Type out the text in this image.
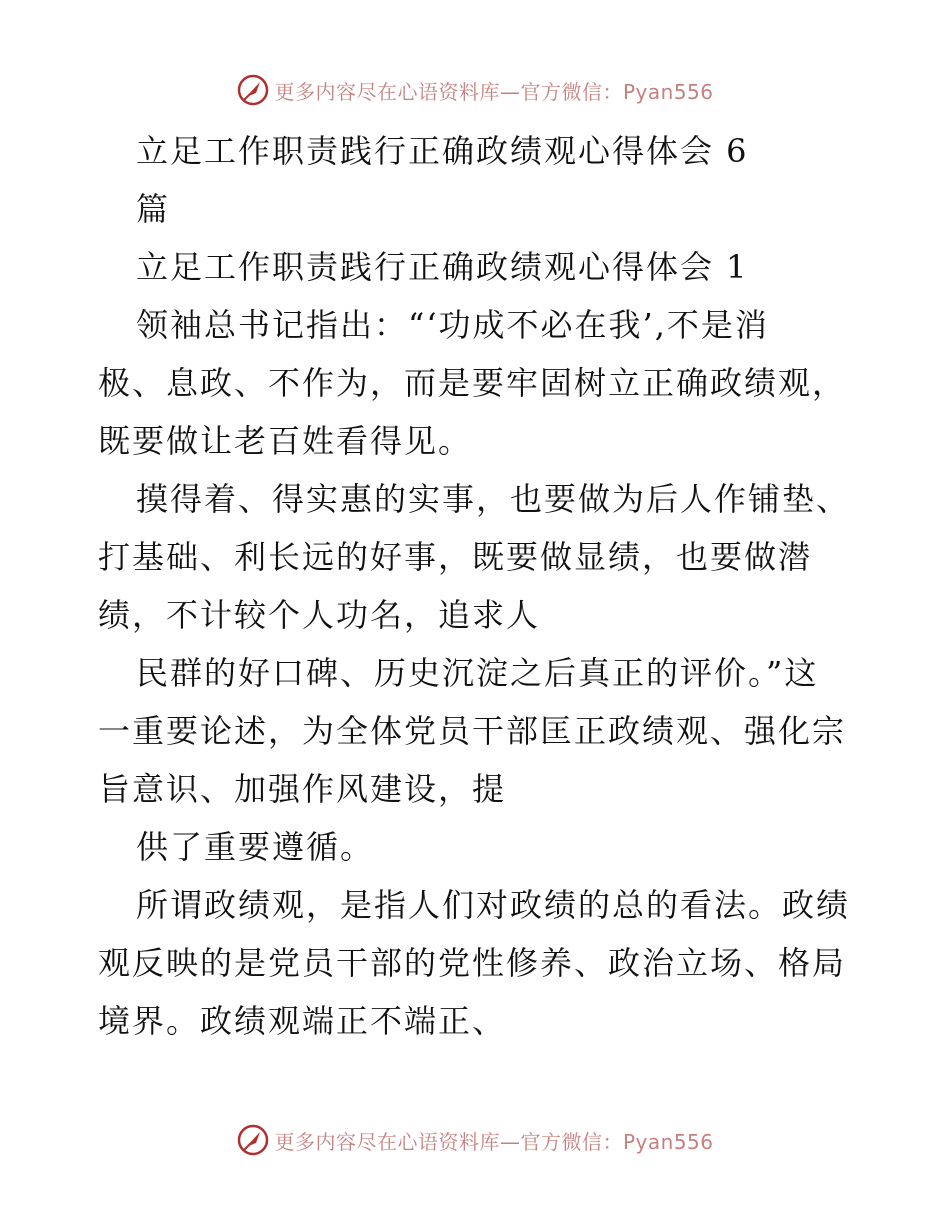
更多内容尽在心语资料库—官方微信：Pyan556
立足工作职责践行正确政绩观心得体会 6
篇
立足工作职责践行正确政绩观心得体会 1
领袖总书记指出：“‘功成不必在我’,不是消
极、息政、不作为，而是要牢固树立正确政绩观，
既要做让老百姓看得见。
摸得着、得实惠的实事，也要做为后人作铺垫、
打基础、利长远的好事，既要做显绩，也要做潜
绩，不计较个人功名，追求人
民群的好口碑、历史沉淀之后真正的评价。”这
一重要论述，为全体党员干部匡正政绩观、强化宗
旨意识、加强作风建设，提
供了重要遵循。
所谓政绩观，是指人们对政绩的总的看法。政绩
观反映的是党员干部的党性修养、政治立场、格局
境界。政绩观端正不端正、
更多内容尽在心语资料库—官方微信：Pyan556
